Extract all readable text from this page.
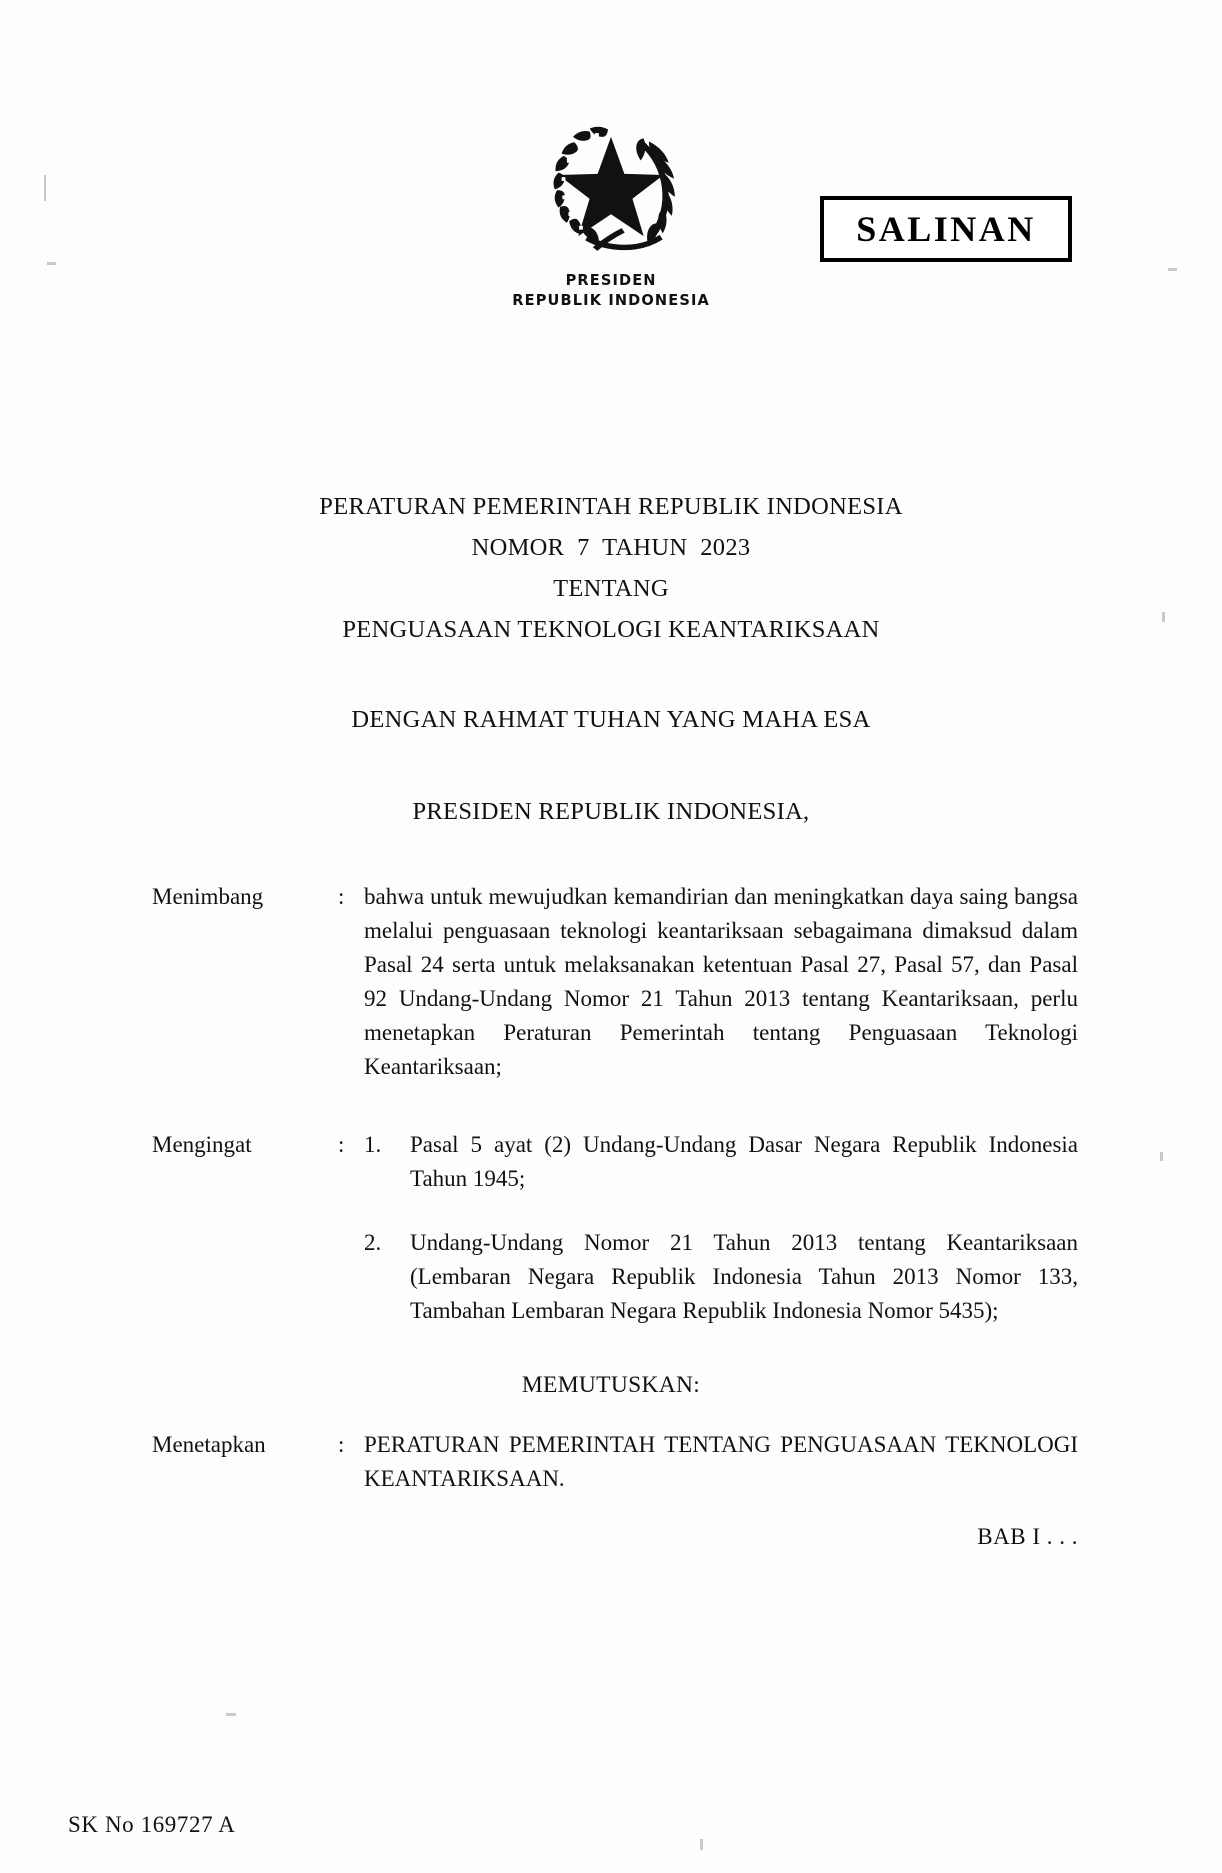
PRESIDEN
REPUBLIK INDONESIA
SALINAN
PERATURAN PEMERINTAH REPUBLIK INDONESIA
NOMOR  7  TAHUN  2023
TENTANG
PENGUASAAN TEKNOLOGI KEANTARIKSAAN
DENGAN RAHMAT TUHAN YANG MAHA ESA
PRESIDEN REPUBLIK INDONESIA,
Menimbang	: bahwa untuk mewujudkan kemandirian dan meningkatkan daya saing bangsa melalui penguasaan teknologi keantariksaan sebagaimana dimaksud dalam Pasal 24 serta untuk melaksanakan ketentuan Pasal 27, Pasal 57, dan Pasal 92 Undang-Undang Nomor 21 Tahun 2013 tentang Keantariksaan, perlu menetapkan Peraturan Pemerintah tentang Penguasaan Teknologi Keantariksaan;

Mengingat	: 1.	Pasal 5 ayat (2) Undang-Undang Dasar Negara Republik Indonesia Tahun 1945;

2.	Undang-Undang Nomor 21 Tahun 2013 tentang Keantariksaan (Lembaran Negara Republik Indonesia Tahun 2013 Nomor 133, Tambahan Lembaran Negara Republik Indonesia Nomor 5435);

MEMUTUSKAN:
Menetapkan	: PERATURAN PEMERINTAH TENTANG PENGUASAAN TEKNOLOGI KEANTARIKSAAN.

BAB I . . .
SK No 169727 A
